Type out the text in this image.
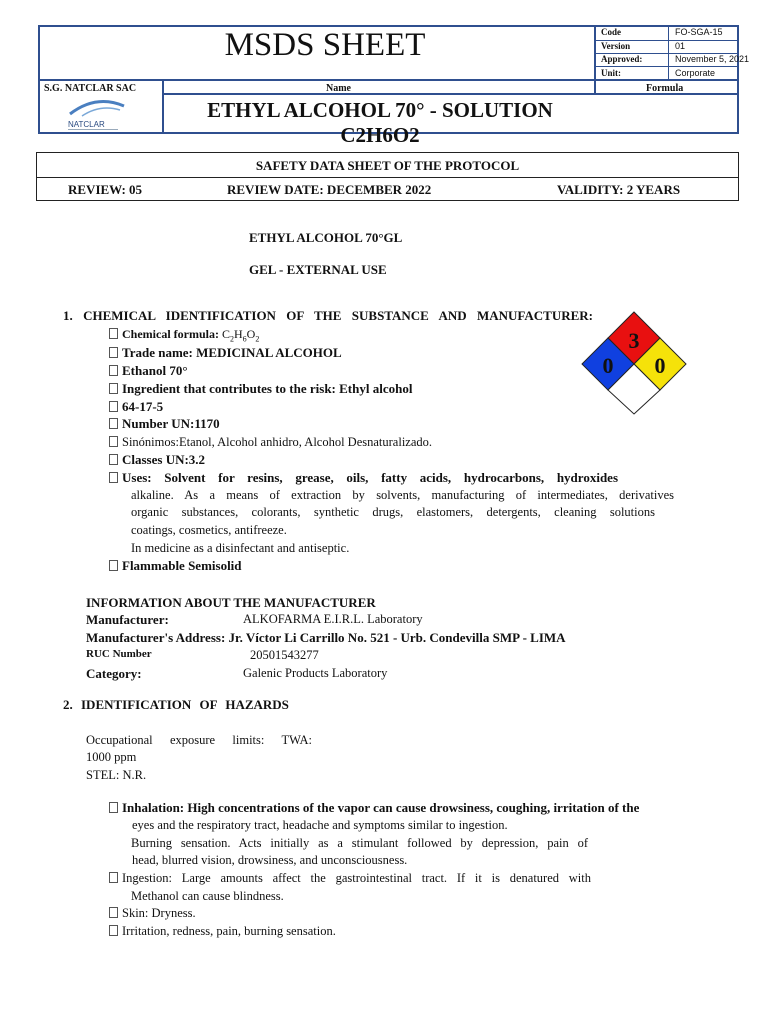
MSDS SHEET	Code	FO-SGA-15
Version	01
Approved:	November 5, 2021
Unit:	Corporate
S.G. NATCLAR SAC	Name	Formula
NATCLAR
ETHYL ALCOHOL 70° - SOLUTION C2H6O2
SAFETY DATA SHEET OF THE PROTOCOL
REVIEW: 05	REVIEW DATE: DECEMBER 2022	VALIDITY: 2 YEARS
ETHYL ALCOHOL 70°GL
GEL - EXTERNAL USE
1. CHEMICAL IDENTIFICATION OF THE SUBSTANCE AND MANUFACTURER:
Chemical formula: $C_2H_6O_2$
Trade name: MEDICINAL ALCOHOL
Ethanol 70°
Ingredient that contributes to the risk: Ethyl alcohol
64-17-5
Number UN:1170
Sinónimos:Etanol, Alcohol anhidro, Alcohol Desnaturalizado.
Classes UN:3.2
Uses: Solvent for resins, grease, oils, fatty acids, hydrocarbons, hydroxides
alkaline. As a means of extraction by solvents, manufacturing of intermediates, derivatives
organic substances, colorants, synthetic drugs, elastomers, detergents, cleaning solutions
coatings, cosmetics, antifreeze.
In medicine as a disinfectant and antiseptic.
Flammable Semisolid
3
0 0
INFORMATION ABOUT THE MANUFACTURER
Manufacturer:	ALKOFARMA E.I.R.L. Laboratory
Manufacturer's Address: Jr. Víctor Li Carrillo No. 521 - Urb. Condevilla SMP - LIMA
RUC Number	20501543277
Category:	Galenic Products Laboratory
2. IDENTIFICATION OF HAZARDS
Occupational exposure limits: TWA:
1000 ppm
STEL: N.R.
Inhalation: High concentrations of the vapor can cause drowsiness, coughing, irritation of the
eyes and the respiratory tract, headache and symptoms similar to ingestion.
Burning sensation. Acts initially as a stimulant followed by depression, pain of
head, blurred vision, drowsiness, and unconsciousness.
Ingestion: Large amounts affect the gastrointestinal tract. If it is denatured with
Methanol can cause blindness.
Skin: Dryness.
Irritation, redness, pain, burning sensation.
